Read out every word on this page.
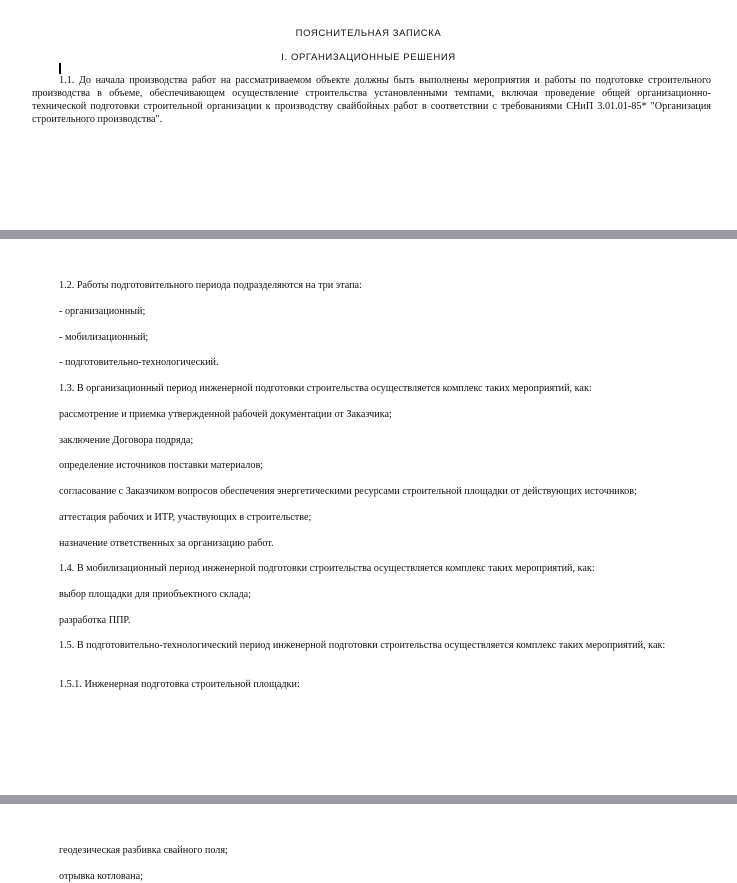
ПОЯСНИТЕЛЬНАЯ ЗАПИСКА
I. ОРГАНИЗАЦИОННЫЕ РЕШЕНИЯ
1.1. До начала производства работ на рассматриваемом объекте должны быть выполнены мероприятия и работы по подготовке строительного производства в объеме, обеспечивающем осуществление строительства установленными темпами, включая проведение общей организационно-технической подготовки строительной организации к производству свайбойных работ в соответствии с требованиями СНиП 3.01.01-85* "Организация строительного производства".
1.2. Работы подготовительного периода подразделяются на три этапа:
- организационный;
- мобилизационный;
- подготовительно-технологический.
1.3. В организационный период инженерной подготовки строительства осуществляется комплекс таких мероприятий, как:
рассмотрение и приемка утвержденной рабочей документации от Заказчика;
заключение Договора подряда;
определение источников поставки материалов;
согласование с Заказчиком вопросов обеспечения энергетическими ресурсами строительной площадки от действующих источников;
аттестация рабочих и ИТР, участвующих в строительстве;
назначение ответственных за организацию работ.
1.4. В мобилизационный период инженерной подготовки строительства осуществляется комплекс таких мероприятий, как:
выбор площадки для приобъектного склада;
разработка ППР.
1.5. В подготовительно-технологический период инженерной подготовки строительства осуществляется комплекс таких мероприятий, как:
1.5.1. Инженерная подготовка строительной площадки:
геодезическая разбивка свайного поля;
отрывка котлована;
